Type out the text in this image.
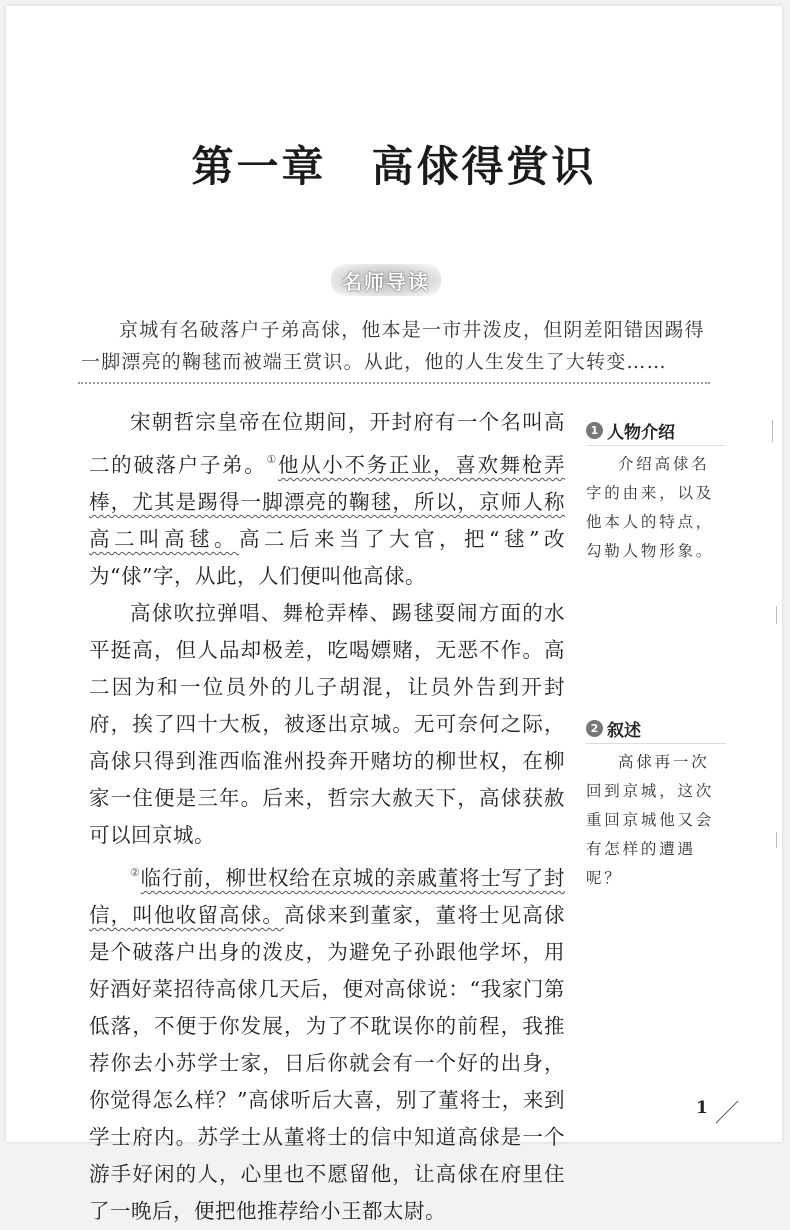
第一章　高俅得赏识
名师导读
京城有名破落户子弟高俅，他本是一市井泼皮，但阴差阳错因踢得一脚漂亮的鞠毬而被端王赏识。从此，他的人生发生了大转变……

宋朝哲宗皇帝在位期间，开封府有一个名叫高二的破落户子弟。①他从小不务正业，喜欢舞枪弄棒，尤其是踢得一脚漂亮的鞠毬，所以，京师人称高二叫高毬。高二后来当了大官，把“毬”改为“俅”字，从此，人们便叫他高俅。

高俅吹拉弹唱、舞枪弄棒、踢毬耍闹方面的水平挺高，但人品却极差，吃喝嫖赌，无恶不作。高二因为和一位员外的儿子胡混，让员外告到开封府，挨了四十大板，被逐出京城。无可奈何之际，高俅只得到淮西临淮州投奔开赌坊的柳世权，在柳家一住便是三年。后来，哲宗大赦天下，高俅获赦可以回京城。

②临行前，柳世权给在京城的亲戚董将士写了封信，叫他收留高俅。高俅来到董家，董将士见高俅是个破落户出身的泼皮，为避免子孙跟他学坏，用好酒好菜招待高俅几天后，便对高俅说：“我家门第低落，不便于你发展，为了不耽误你的前程，我推荐你去小苏学士家，日后你就会有一个好的出身，你觉得怎么样？”高俅听后大喜，别了董将士，来到学士府内。苏学士从董将士的信中知道高俅是一个游手好闲的人，心里也不愿留他，让高俅在府里住了一晚后，便把他推荐给小王都太尉。

1 人物介绍
介绍高俅名字的由来，以及他本人的特点，勾勒人物形象。
2 叙述
高俅再一次回到京城，这次重回京城他又会有怎样的遭遇呢？
1
